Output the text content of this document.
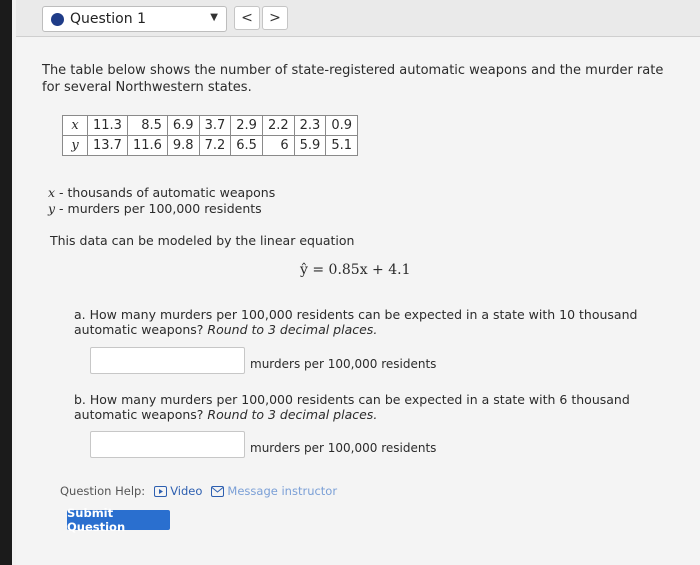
Question 1	▼	<	>
The table below shows the number of state-registered automatic weapons and the murder rate for several Northwestern states.
x	11.3	8.5	6.9	3.7	2.9	2.2	2.3	0.9
y	13.7	11.6	9.8	7.2	6.5	6	5.9	5.1
x - thousands of automatic weapons
y - murders per 100,000 residents
This data can be modeled by the linear equation
ŷ = 0.85x + 4.1
a. How many murders per 100,000 residents can be expected in a state with 10 thousand automatic weapons? Round to 3 decimal places.
murders per 100,000 residents
b. How many murders per 100,000 residents can be expected in a state with 6 thousand automatic weapons? Round to 3 decimal places.
murders per 100,000 residents
Question Help: Video Message instructor
Submit Question
